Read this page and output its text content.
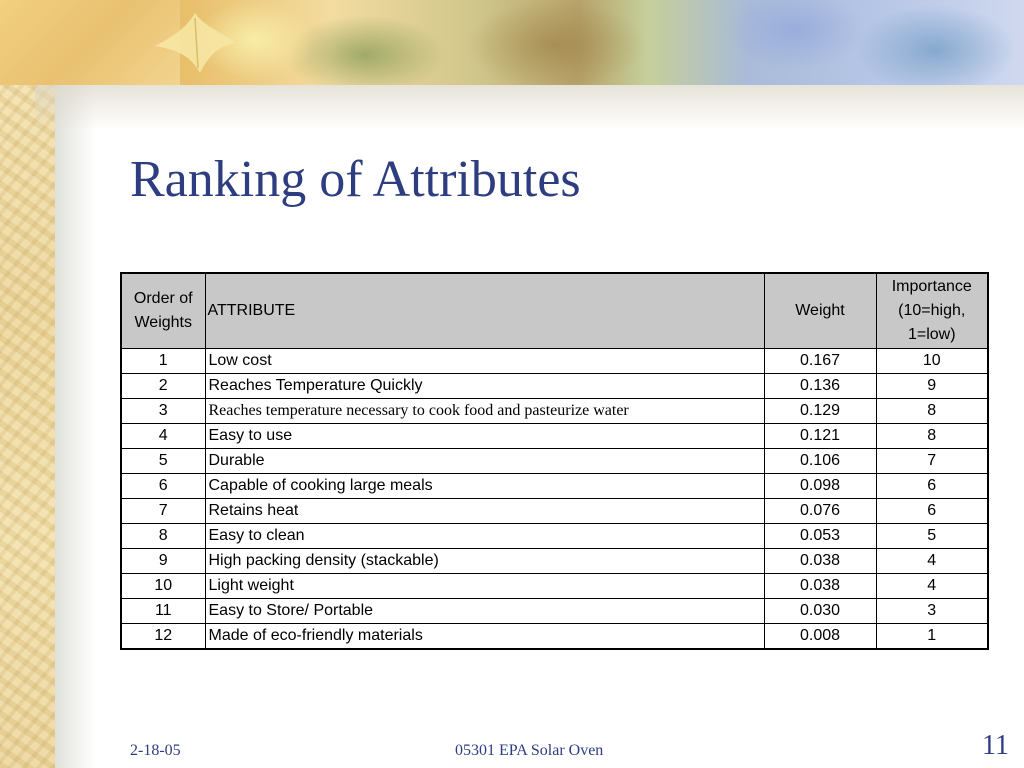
Ranking of Attributes
Order of Weights	ATTRIBUTE	Weight	Importance (10=high, 1=low)
1	Low cost	0.167	10
2	Reaches Temperature Quickly	0.136	9
3	Reaches temperature necessary to cook food and pasteurize water	0.129	8
4	Easy to use	0.121	8
5	Durable	0.106	7
6	Capable of cooking large meals	0.098	6
7	Retains heat	0.076	6
8	Easy to clean	0.053	5
9	High packing density (stackable)	0.038	4
10	Light weight	0.038	4
11	Easy to Store/ Portable	0.030	3
12	Made of eco-friendly materials	0.008	1
2-18-05	05301 EPA Solar Oven	11
